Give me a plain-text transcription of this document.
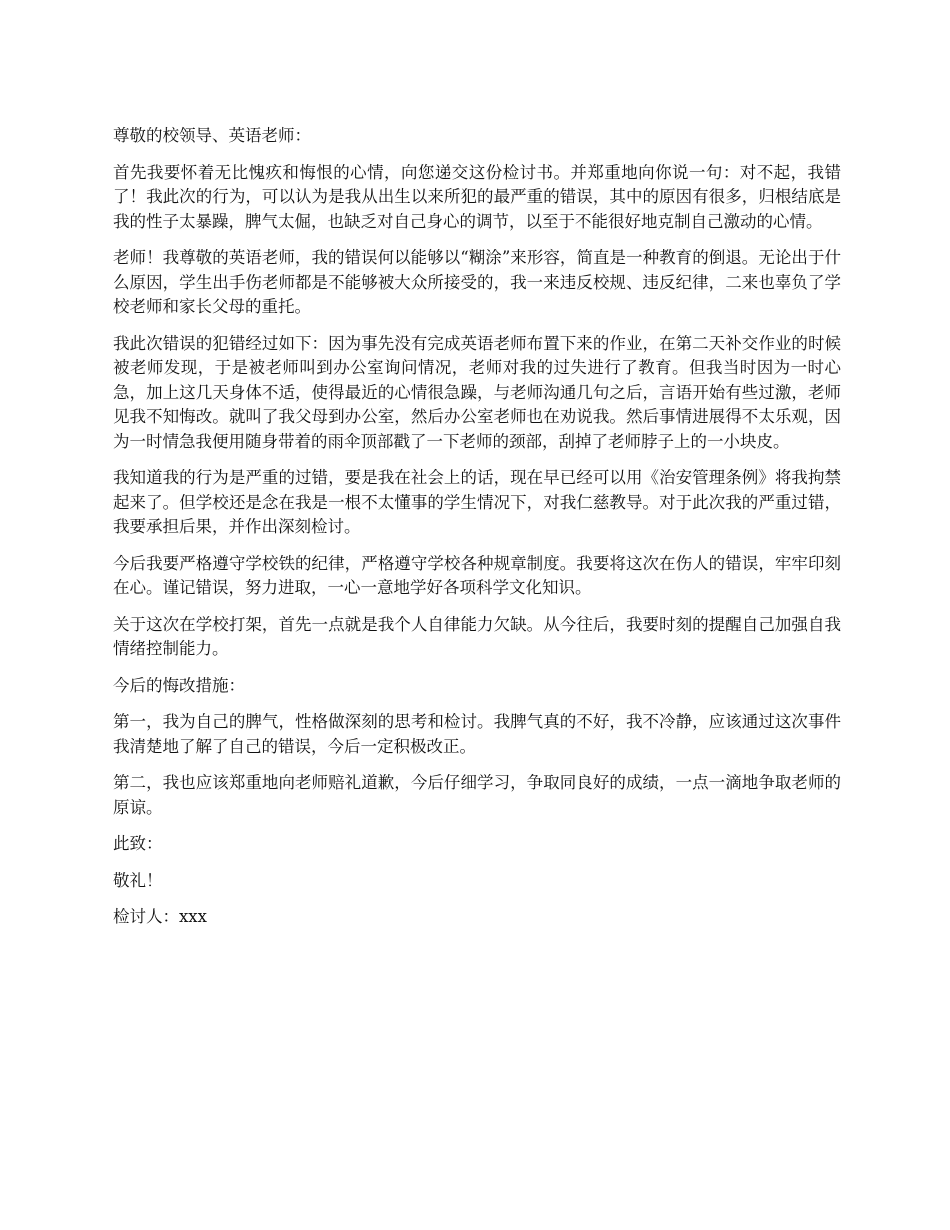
尊敬的校领导、英语老师：

首先我要怀着无比愧疚和悔恨的心情，向您递交这份检讨书。并郑重地向你说一句：对不起，我错了！我此次的行为，可以认为是我从出生以来所犯的最严重的错误，其中的原因有很多，归根结底是我的性子太暴躁，脾气太倔，也缺乏对自己身心的调节，以至于不能很好地克制自己激动的心情。

老师！我尊敬的英语老师，我的错误何以能够以“糊涂”来形容，简直是一种教育的倒退。无论出于什么原因，学生出手伤老师都是不能够被大众所接受的，我一来违反校规、违反纪律，二来也辜负了学校老师和家长父母的重托。

我此次错误的犯错经过如下：因为事先没有完成英语老师布置下来的作业，在第二天补交作业的时候被老师发现，于是被老师叫到办公室询问情况，老师对我的过失进行了教育。但我当时因为一时心急，加上这几天身体不适，使得最近的心情很急躁，与老师沟通几句之后，言语开始有些过激，老师见我不知悔改。就叫了我父母到办公室，然后办公室老师也在劝说我。然后事情进展得不太乐观，因为一时情急我便用随身带着的雨伞顶部戳了一下老师的颈部，刮掉了老师脖子上的一小块皮。

我知道我的行为是严重的过错，要是我在社会上的话，现在早已经可以用《治安管理条例》将我拘禁起来了。但学校还是念在我是一根不太懂事的学生情况下，对我仁慈教导。对于此次我的严重过错，我要承担后果，并作出深刻检讨。

今后我要严格遵守学校铁的纪律，严格遵守学校各种规章制度。我要将这次在伤人的错误，牢牢印刻在心。谨记错误，努力进取，一心一意地学好各项科学文化知识。

关于这次在学校打架，首先一点就是我个人自律能力欠缺。从今往后，我要时刻的提醒自己加强自我情绪控制能力。

今后的悔改措施：

第一，我为自己的脾气，性格做深刻的思考和检讨。我脾气真的不好，我不冷静，应该通过这次事件我清楚地了解了自己的错误，今后一定积极改正。

第二，我也应该郑重地向老师赔礼道歉，今后仔细学习，争取同良好的成绩，一点一滴地争取老师的原谅。

此致：

敬礼！

检讨人：xxx
